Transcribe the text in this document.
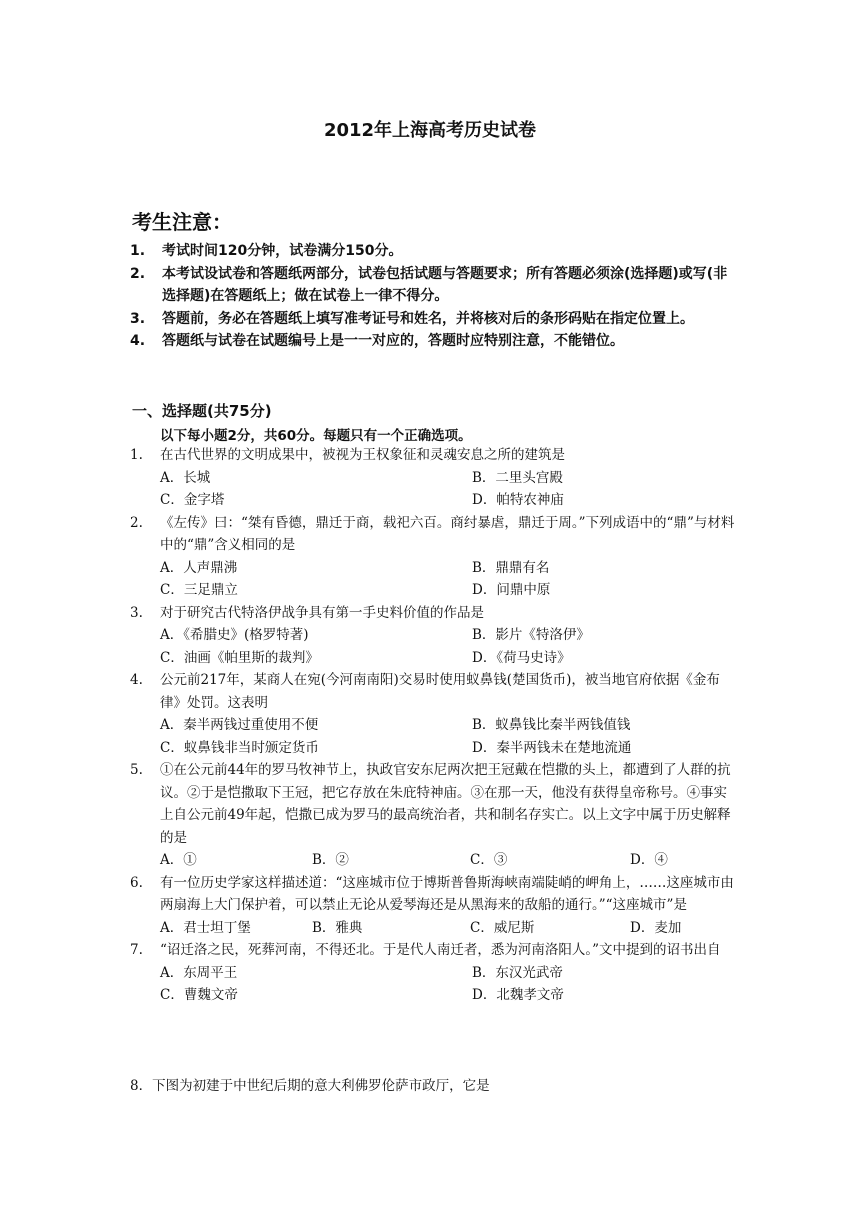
2012年上海高考历史试卷
考生注意：
1.	考试时间120分钟，试卷满分150分。
2.	本考试设试卷和答题纸两部分，试卷包括试题与答题要求；所有答题必须涂(选择题)或写(非选择题)在答题纸上；做在试卷上一律不得分。
3.	答题前，务必在答题纸上填写准考证号和姓名，并将核对后的条形码贴在指定位置上。
4.	答题纸与试卷在试题编号上是一一对应的，答题时应特别注意，不能错位。
一、选择题(共75分)
以下每小题2分，共60分。每题只有一个正确选项。
1.	在古代世界的文明成果中，被视为王权象征和灵魂安息之所的建筑是
A．长城	B．二里头宫殿
C．金字塔	D．帕特农神庙
2.	《左传》曰：“桀有昏德，鼎迁于商，载祀六百。商纣暴虐，鼎迁于周。”下列成语中的“鼎”与材料中的“鼎”含义相同的是
A．人声鼎沸	B．鼎鼎有名
C．三足鼎立	D．问鼎中原
3.	对于研究古代特洛伊战争具有第一手史料价值的作品是
A．《希腊史》(格罗特著)	B．影片《特洛伊》
C．油画《帕里斯的裁判》	D．《荷马史诗》
4.	公元前217年，某商人在宛(今河南南阳)交易时使用蚁鼻钱(楚国货币)，被当地官府依据《金布律》处罚。这表明
A．秦半两钱过重使用不便	B．蚁鼻钱比秦半两钱值钱
C．蚁鼻钱非当时颁定货币	D．秦半两钱未在楚地流通
5.	①在公元前44年的罗马牧神节上，执政官安东尼两次把王冠戴在恺撒的头上，都遭到了人群的抗议。②于是恺撒取下王冠，把它存放在朱庇特神庙。③在那一天，他没有获得皇帝称号。④事实上自公元前49年起，恺撒已成为罗马的最高统治者，共和制名存实亡。以上文字中属于历史解释的是
A．①	B．②	C．③	D．④
6.	有一位历史学家这样描述道：“这座城市位于博斯普鲁斯海峡南端陡峭的岬角上，……这座城市由两扇海上大门保护着，可以禁止无论从爱琴海还是从黑海来的敌船的通行。”“这座城市”是
A．君士坦丁堡	B．雅典	C．威尼斯	D．麦加
7.	“诏迁洛之民，死葬河南，不得还北。于是代人南迁者，悉为河南洛阳人。”文中提到的诏书出自
A．东周平王	B．东汉光武帝
C．曹魏文帝	D．北魏孝文帝
8．下图为初建于中世纪后期的意大利佛罗伦萨市政厅，它是
